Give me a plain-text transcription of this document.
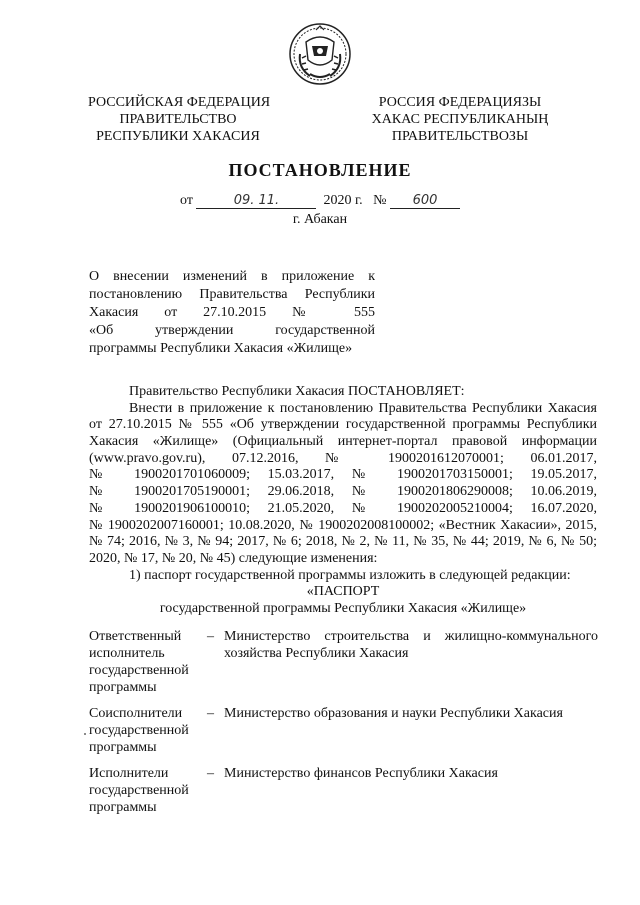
РОССИЙСКАЯ ФЕДЕРАЦИЯ
ПРАВИТЕЛЬСТВО
РЕСПУБЛИКИ ХАКАСИЯ
РОССИЯ ФЕДЕРАЦИЯЗЫ
ХАКАС РЕСПУБЛИКАНЫҢ
ПРАВИТЕЛЬСТВОЗЫ
ПОСТАНОВЛЕНИЕ
от	09. 11.	2020 г. № 600
г. Абакан
О внесении изменений в приложение к
постановлению Правительства Республики
Хакасия от 27.10.2015 № 555
«Об утверждении государственной
программы Республики Хакасия «Жилище»
Правительство Республики Хакасия ПОСТАНОВЛЯЕТ:
Внести в приложение к постановлению Правительства Республики Хакасия
от 27.10.2015 № 555 «Об утверждении государственной программы Республики
Хакасия «Жилище» (Официальный интернет-портал правовой информации
(www.pravo.gov.ru), 07.12.2016, № 1900201612070001; 06.01.2017,
№ 1900201701060009; 15.03.2017, № 1900201703150001; 19.05.2017,
№ 1900201705190001; 29.06.2018, № 1900201806290008; 10.06.2019,
№ 1900201906100010; 21.05.2020, № 1900202005210004; 16.07.2020,
№ 1900202007160001; 10.08.2020, № 1900202008100002; «Вестник Хакасии», 2015,
№ 74; 2016, № 3, № 94; 2017, № 6; 2018, № 2, № 11, № 35, № 44; 2019, № 6, № 50;
2020, № 17, № 20, № 45) следующие изменения:
1) паспорт государственной программы изложить в следующей редакции:
«ПАСПОРТ
государственной программы Республики Хакасия «Жилище»
Ответственный
исполнитель
государственной
программы
– Министерство строительства и жилищно-коммунального
хозяйства Республики Хакасия
Соисполнители
государственной
программы
– Министерство образования и науки Республики Хакасия
Исполнители
государственной
программы
– Министерство финансов Республики Хакасия
